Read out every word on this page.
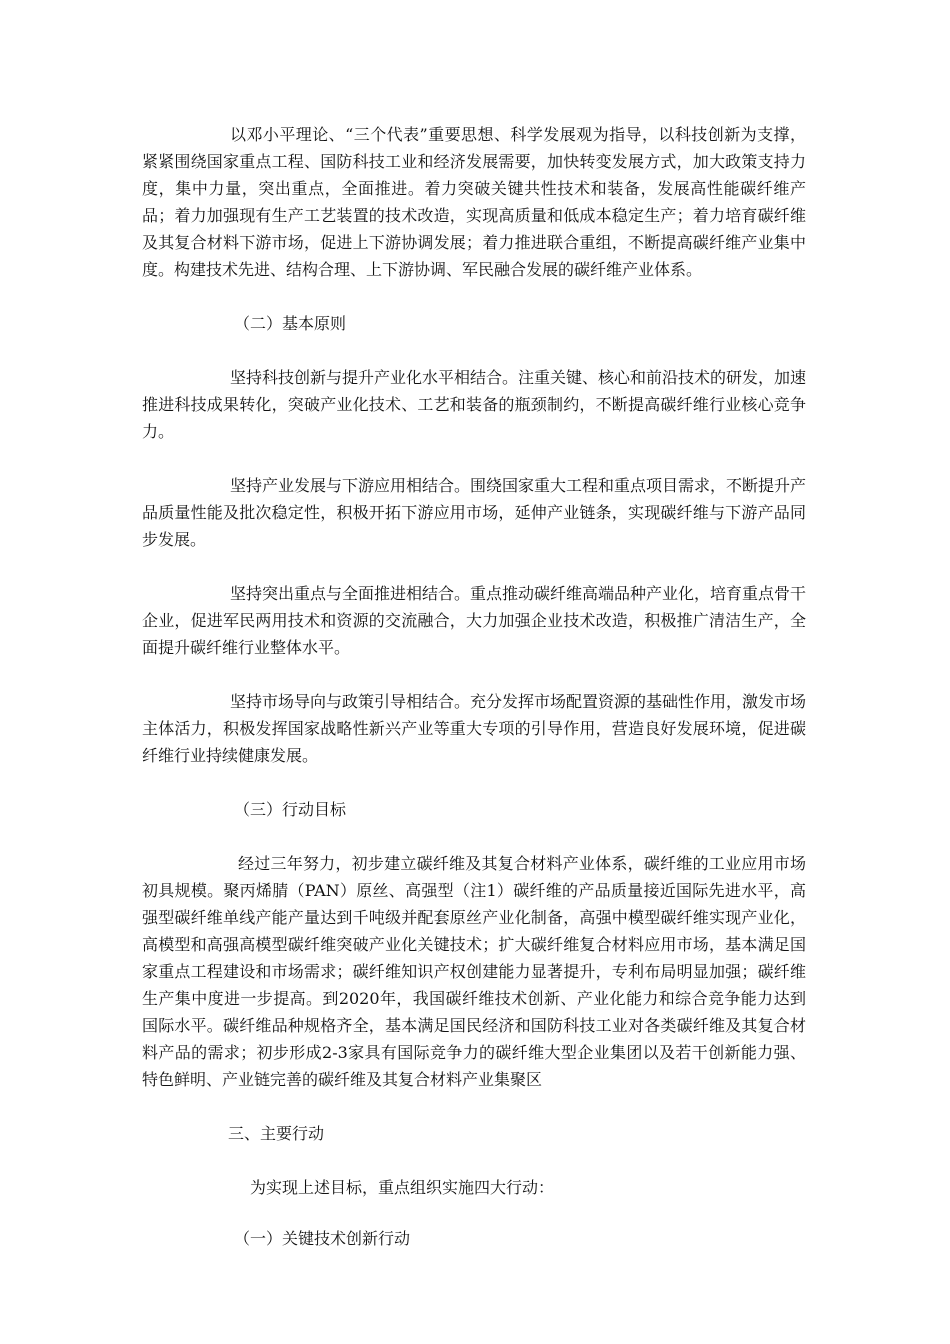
以邓小平理论、“三个代表”重要思想、科学发展观为指导，以科技创新为支撑，紧紧围绕国家重点工程、国防科技工业和经济发展需要，加快转变发展方式，加大政策支持力度，集中力量，突出重点，全面推进。着力突破关键共性技术和装备，发展高性能碳纤维产品；着力加强现有生产工艺装置的技术改造，实现高质量和低成本稳定生产；着力培育碳纤维及其复合材料下游市场，促进上下游协调发展；着力推进联合重组，不断提高碳纤维产业集中度。构建技术先进、结构合理、上下游协调、军民融合发展的碳纤维产业体系。

（二）基本原则

坚持科技创新与提升产业化水平相结合。注重关键、核心和前沿技术的研发，加速推进科技成果转化，突破产业化技术、工艺和装备的瓶颈制约，不断提高碳纤维行业核心竞争力。

坚持产业发展与下游应用相结合。围绕国家重大工程和重点项目需求，不断提升产品质量性能及批次稳定性，积极开拓下游应用市场，延伸产业链条，实现碳纤维与下游产品同步发展。

坚持突出重点与全面推进相结合。重点推动碳纤维高端品种产业化，培育重点骨干企业，促进军民两用技术和资源的交流融合，大力加强企业技术改造，积极推广清洁生产，全面提升碳纤维行业整体水平。

坚持市场导向与政策引导相结合。充分发挥市场配置资源的基础性作用，激发市场主体活力，积极发挥国家战略性新兴产业等重大专项的引导作用，营造良好发展环境，促进碳纤维行业持续健康发展。

（三）行动目标

经过三年努力，初步建立碳纤维及其复合材料产业体系，碳纤维的工业应用市场初具规模。聚丙烯腈（PAN）原丝、高强型（注1）碳纤维的产品质量接近国际先进水平，高强型碳纤维单线产能产量达到千吨级并配套原丝产业化制备，高强中模型碳纤维实现产业化，高模型和高强高模型碳纤维突破产业化关键技术；扩大碳纤维复合材料应用市场，基本满足国家重点工程建设和市场需求；碳纤维知识产权创建能力显著提升，专利布局明显加强；碳纤维生产集中度进一步提高。到2020年，我国碳纤维技术创新、产业化能力和综合竞争能力达到国际水平。碳纤维品种规格齐全，基本满足国民经济和国防科技工业对各类碳纤维及其复合材料产品的需求；初步形成2-3家具有国际竞争力的碳纤维大型企业集团以及若干创新能力强、特色鲜明、产业链完善的碳纤维及其复合材料产业集聚区

三、主要行动

为实现上述目标，重点组织实施四大行动：

（一）关键技术创新行动
